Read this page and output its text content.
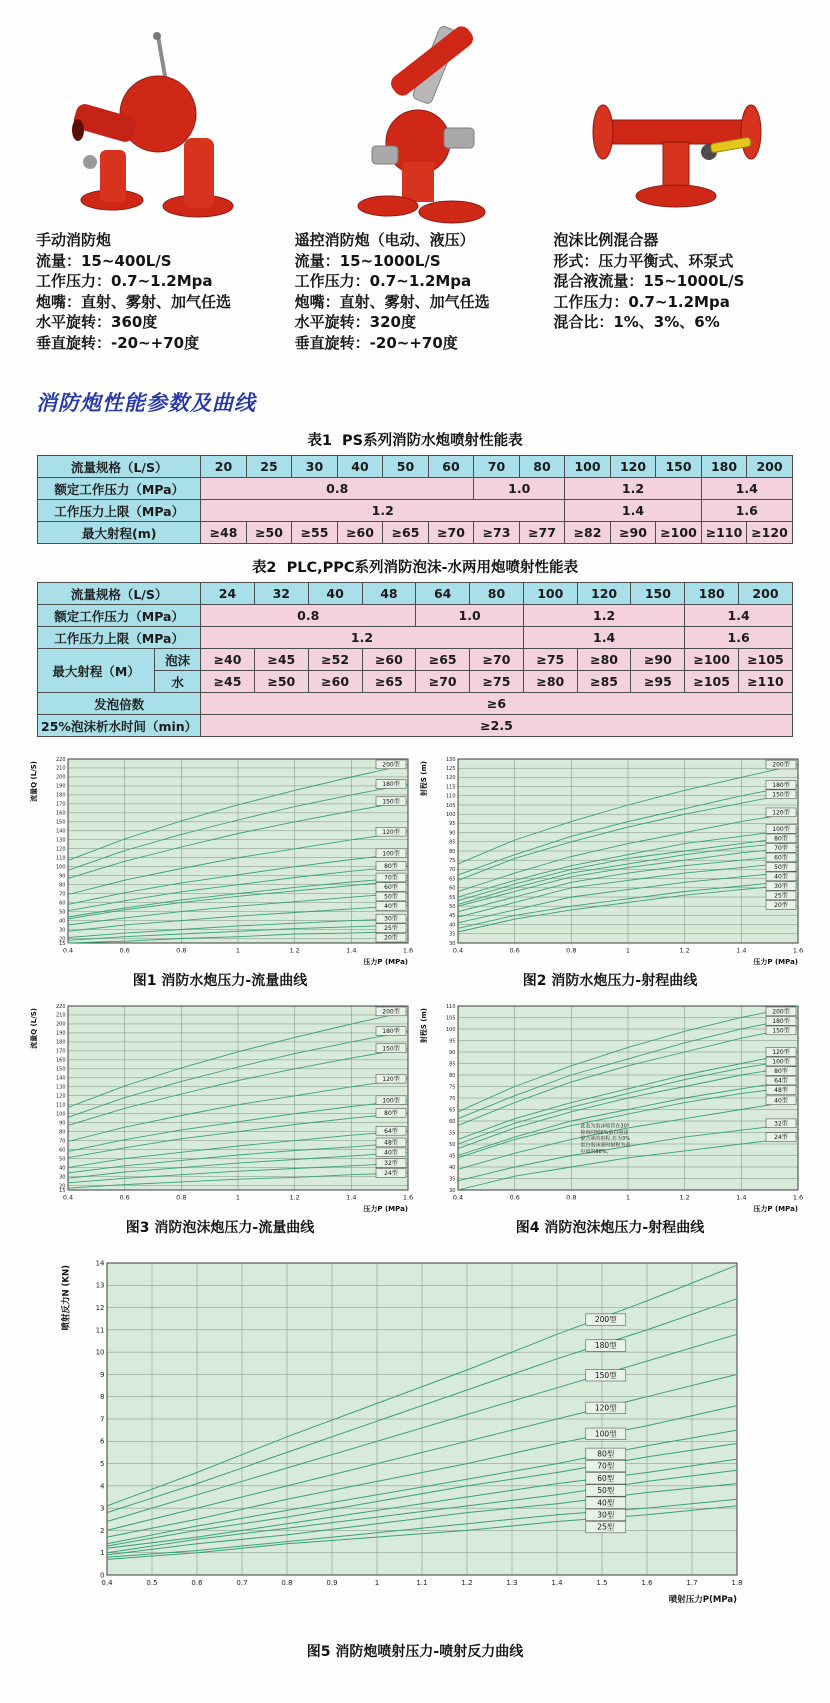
手动消防炮
流量：15~400L/S
工作压力：0.7~1.2Mpa
炮嘴：直射、雾射、加气任选
水平旋转：360度
垂直旋转：-20~+70度
遥控消防炮（电动、液压）
流量：15~1000L/S
工作压力：0.7~1.2Mpa
炮嘴：直射、雾射、加气任选
水平旋转：320度
垂直旋转：-20~+70度
泡沫比例混合器
形式：压力平衡式、环泵式
混合液流量：15~1000L/S
工作压力：0.7~1.2Mpa
混合比：1%、3%、6%
消防炮性能参数及曲线
表1  PS系列消防水炮喷射性能表
流量规格（L/S）	20	25	30	40	50	60	70	80	100	120	150	180	200
额定工作压力（MPa）	0.8						1.0		1.2			1.4	
工作压力上限（MPa）	1.2								1.4			1.6	
最大射程(m)	≥48	≥50	≥55	≥60	≥65	≥70	≥73	≥77	≥82	≥90	≥100	≥110	≥120
表2  PLC,PPC系列消防泡沫-水两用炮喷射性能表
流量规格（L/S）		24	32	40	48	64	80	100	120	150	180	200
额定工作压力（MPa）		0.8				1.0		1.2			1.4	
工作压力上限（MPa）		1.2						1.4			1.6	
最大射程（M）	泡沫	≥40	≥45	≥52	≥60	≥65	≥70	≥75	≥80	≥90	≥100	≥105
	水	≥45	≥50	≥60	≥65	≥70	≥75	≥80	≥85	≥95	≥105	≥110
发泡倍数		≥6										
25%泡沫析水时间（min）		≥2.5										
15
20
30
40
50
60
70
80
90
100
110
120
130
140
150
160
170
180
190
200
210
220
0.4	0.6	0.8	1	1.2	1.4	1.6
200型
180型
150型
120型
100型
80型
70型
60型
50型
40型
30型
25型
20型
流量Q (L/S)
压力P (MPa)
图1 消防水炮压力-流量曲线
30
35
40
45
50
55
60
65
70
75
80
85
90
95
100
105
110
115
120
125
130
0.4	0.6	0.8	1	1.2	1.4	1.6
200型
180型
150型
120型
100型
80型
70型
60型
50型
40型
30型
25型
20型
射程S (m)
压力P (MPa)
图2 消防水炮压力-射程曲线
15
20
30
40
50
60
70
80
90
100
110
120
130
140
150
160
170
180
190
200
210
220
0.4	0.6	0.8	1	1.2	1.4	1.6
200型
180型
150型
120型
100型
80型
64型
48型
40型
32型
24型
流量Q (L/S)
压力P (MPa)
图3 消防泡沫炮压力-流量曲线
30
35
40
45
50
55
60
65
70
75
80
85
90
95
100
105
110
0.4	0.6	0.8	1	1.2	1.4	1.6
此表为泡沫喷管在30°
仰角时喷6%蛋白泡沫
混合液的射程,若为3%
蛋白泡沫液时射程为表
中值的88%。
200型
180型
150型
120型
100型
80型
64型
48型
40型
32型
24型
射程S (m)
压力P (MPa)
图4 消防泡沫炮压力-射程曲线
0
1
2
3
4
5
6
7
8
9
10
11
12
13
14
0.4	0.5	0.6	0.7	0.8	0.9	1	1.1	1.2	1.3	1.4	1.5	1.6	1.7	1.8
200型
180型
150型
120型
100型
80型
70型
60型
50型
40型
30型
25型
喷射反力N (KN)
喷射压力P(MPa)
图5 消防炮喷射压力-喷射反力曲线
